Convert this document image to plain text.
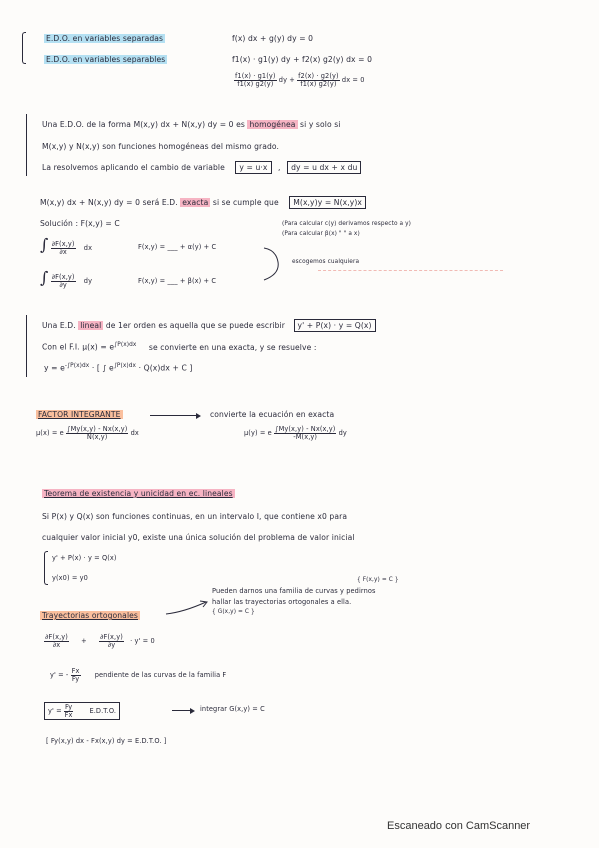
E.D.O. en variables separadas	f(x) dx + g(y) dy = 0
E.D.O. en variables separables	f1(x) · g1(y) dy + f2(x) g2(y) dx = 0
$\frac{f1(x) \cdot g1(y)}{f1(x) g2(y)}$ dy + $\frac{f2(x) \cdot g2(y)}{f1(x) g2(y)}$ dx = 0
Una E.D.O. de la forma M(x,y) dx + N(x,y) dy = 0 es homogénea si y solo si
M(x,y) y N(x,y) son funciones homogéneas del mismo grado.
La resolvemos aplicando el cambio de variable y = u·x , dy = u dx + x du
M(x,y) dx + N(x,y) dy = 0 será E.D. exacta si se cumple que M(x,y)y = N(x,y)x
Solución : F(x,y) = C	(Para calcular c(y) derivamos respecto a y)
(Para calcular β(x) " " a x)
∫ $\frac{\partial F(x,y)}{\partial x}$ dx	F(x,y) = ___ + α(y) + C
∫ $\frac{\partial F(x,y)}{\partial y}$ dy	F(x,y) = ___ + β(x) + C
escogemos cualquiera
Una E.D. lineal de 1er orden es aquella que se puede escribir y' + P(x) · y = Q(x)
Con el F.I. $\mu(x) = e^{\int P(x)dx}$ se convierte en una exacta, y se resuelve :
$y = e^{-\int P(x)dx}$ · [ ∫ $e^{\int P(x)dx} \cdot Q(x)dx + C$ ]
FACTOR INTEGRANTE	convierte la ecuación en exacta
μ(x) = e $\frac{\int My(x,y) - Nx(x,y)}{N(x,y)}$ dx	μ(y) = e $\frac{\int My(x,y) - Nx(x,y)}{-M(x,y)}$ dy
Teorema de existencia y unicidad en ec. lineales
Si P(x) y Q(x) son funciones continuas, en un intervalo I, que contiene x0 para
cualquier valor inicial y0, existe una única solución del problema de valor inicial
y' + P(x) · y = Q(x)
y(x0) = y0	{ F(x,y) = C }
Trayectorias ortogonales
Pueden darnos una familia de curvas y pedirnos
hallar las trayectorias ortogonales a ella.
{ G(x,y) = C }
$\frac{\partial F(x,y)}{\partial x} + \frac{\partial F(x,y)}{\partial y} \cdot y' = 0$
y' = - $\frac{Fx}{Fy}$ pendiente de las curvas de la familia F
$y' = \frac{Fy}{Fx} E.D.T.O$.	integrar G(x,y) = C
[ Fy(x,y) dx - Fx(x,y) dy = E.D.T.O. ]
Escaneado con CamScanner
